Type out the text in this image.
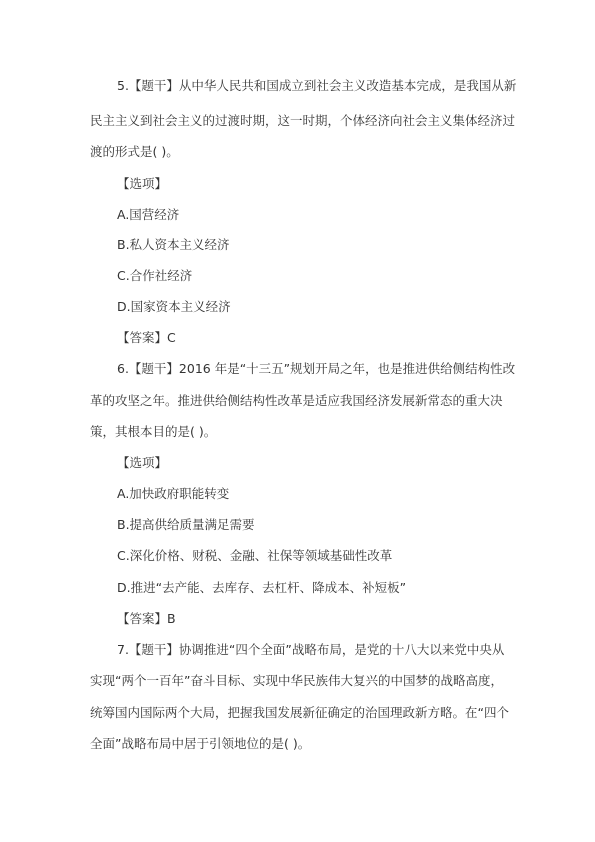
5.【题干】从中华人民共和国成立到社会主义改造基本完成，是我国从新
民主主义到社会主义的过渡时期，这一时期，个体经济向社会主义集体经济过
渡的形式是( )。
【选项】
A.国营经济
B.私人资本主义经济
C.合作社经济
D.国家资本主义经济
【答案】C
6.【题干】2016 年是“十三五”规划开局之年，也是推进供给侧结构性改
革的攻坚之年。推进供给侧结构性改革是适应我国经济发展新常态的重大决
策，其根本目的是( )。
【选项】
A.加快政府职能转变
B.提高供给质量满足需要
C.深化价格、财税、金融、社保等领域基础性改革
D.推进“去产能、去库存、去杠杆、降成本、补短板”
【答案】B
7.【题干】协调推进“四个全面”战略布局，是党的十八大以来党中央从
实现“两个一百年”奋斗目标、实现中华民族伟大复兴的中国梦的战略高度，
统筹国内国际两个大局，把握我国发展新征确定的治国理政新方略。在“四个
全面”战略布局中居于引领地位的是( )。
